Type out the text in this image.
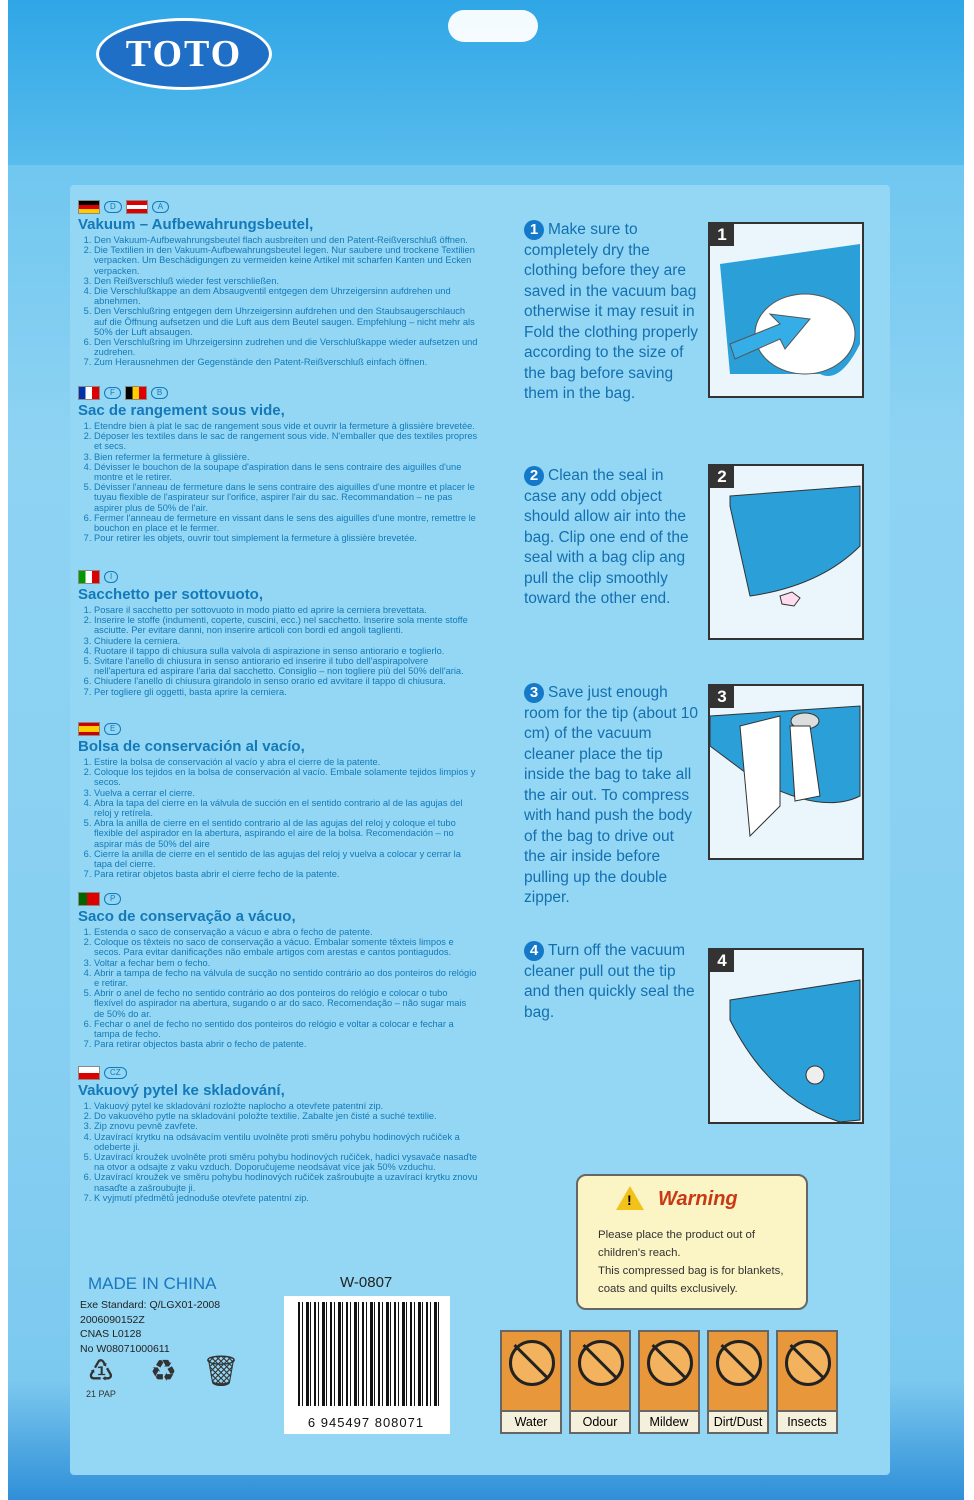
TOTO
D	A
Vakuum – Aufbewahrungsbeutel,
1. Den Vakuum-Aufbewahrungsbeutel flach ausbreiten und den Patent-Reißverschluß öffnen.
2. Die Textilien in den Vakuum-Aufbewahrungsbeutel legen. Nur saubere und trockene Textilien verpacken. Um Beschädigungen zu vermeiden keine Artikel mit scharfen Kanten und Ecken verpacken.
3. Den Reißverschluß wieder fest verschließen.
4. Die Verschlußkappe an dem Absaugventil entgegen dem Uhrzeigersinn aufdrehen und abnehmen.
5. Den Verschlußring entgegen dem Uhrzeigersinn aufdrehen und den Staubsaugerschlauch auf die Öffnung aufsetzen und die Luft aus dem Beutel saugen. Empfehlung – nicht mehr als 50% der Luft absaugen.
6. Den Verschlußring im Uhrzeigersinn zudrehen und die Verschlußkappe wieder aufsetzen und zudrehen.
7. Zum Herausnehmen der Gegenstände den Patent-Reißverschluß einfach öffnen.
F	B
Sac de rangement sous vide,
1. Etendre bien à plat le sac de rangement sous vide et ouvrir la fermeture à glissière brevetée.
2. Déposer les textiles dans le sac de rangement sous vide. N'emballer que des textiles propres et secs.
3. Bien refermer la fermeture à glissière.
4. Dévisser le bouchon de la soupape d'aspiration dans le sens contraire des aiguilles d'une montre et le retirer.
5. Dévisser l'anneau de fermeture dans le sens contraire des aiguilles d'une montre et placer le tuyau flexible de l'aspirateur sur l'orifice, aspirer l'air du sac. Recommandation – ne pas aspirer plus de 50% de l'air.
6. Fermer l'anneau de fermeture en vissant dans le sens des aiguilles d'une montre, remettre le bouchon en place et le fermer.
7. Pour retirer les objets, ouvrir tout simplement la fermeture à glissière brevetée.
I
Sacchetto per sottovuoto,
1. Posare il sacchetto per sottovuoto in modo piatto ed aprire la cerniera brevettata.
2. Inserire le stoffe (indumenti, coperte, cuscini, ecc.) nel sacchetto. Inserire sola mente stoffe asciutte. Per evitare danni, non inserire articoli con bordi ed angoli taglienti.
3. Chiudere la cerniera.
4. Ruotare il tappo di chiusura sulla valvola di aspirazione in senso antiorario e toglierlo.
5. Svitare l'anello di chiusura in senso antiorario ed inserire il tubo dell'aspirapolvere nell'apertura ed aspirare l'aria dal sacchetto. Consiglio – non togliere più del 50% dell'aria.
6. Chiudere l'anello di chiusura girandolo in senso orario ed avvitare il tappo di chiusura.
7. Per togliere gli oggetti, basta aprire la cerniera.
E
Bolsa de conservación al vacío,
1. Estire la bolsa de conservación al vacío y abra el cierre de la patente.
2. Coloque los tejidos en la bolsa de conservación al vacío. Embale solamente tejidos limpios y secos.
3. Vuelva a cerrar el cierre.
4. Abra la tapa del cierre en la válvula de succión en el sentido contrario al de las agujas del reloj y retírela.
5. Abra la anilla de cierre en el sentido contrario al de las agujas del reloj y coloque el tubo flexible del aspirador en la abertura, aspirando el aire de la bolsa. Recomendación – no aspirar más de 50% del aire
6. Cierre la anilla de cierre en el sentido de las agujas del reloj y vuelva a colocar y cerrar la tapa del cierre.
7. Para retirar objetos basta abrir el cierre fecho de la patente.
P
Saco de conservação a vácuo,
1. Estenda o saco de conservação a vácuo e abra o fecho de patente.
2. Coloque os têxteis no saco de conservação a vácuo. Embalar somente têxteis limpos e secos. Para evitar danificações não embale artigos com arestas e cantos pontiagudos.
3. Voltar a fechar bem o fecho.
4. Abrir a tampa de fecho na válvula de sucção no sentido contrário ao dos ponteiros do relógio e retirar.
5. Abrir o anel de fecho no sentido contrário ao dos ponteiros do relógio e colocar o tubo flexível do aspirador na abertura, sugando o ar do saco. Recomendação – não sugar mais de 50% do ar.
6. Fechar o anel de fecho no sentido dos ponteiros do relógio e voltar a colocar e fechar a tampa de fecho.
7. Para retirar objectos basta abrir o fecho de patente.
CZ
Vakuový pytel ke skladování,
1. Vakuový pytel ke skladování rozložte naplocho a otevřete patentní zip.
2. Do vakuového pytle na skladování položte textilie. Zabalte jen čisté a suché textilie.
3. Zip znovu pevně zavřete.
4. Uzavírací krytku na odsávacím ventilu uvolněte proti směru pohybu hodinových ručiček a odeberte ji.
5. Uzavírací kroužek uvolněte proti směru pohybu hodinových ručiček, hadici vysavače nasaďte na otvor a odsajte z vaku vzduch. Doporučujeme neodsávat více jak 50% vzduchu.
6. Uzavírací kroužek ve směru pohybu hodinových ručiček zašroubujte a uzavírací krytku znovu nasaďte a zašroubujte ji.
7. K vyjmutí předmětů jednoduše otevřete patentní zip.
1 Make sure to completely dry the clothing before they are saved in the vacuum bag otherwise it may resuit in Fold the clothing properly according to the size of the bag before saving them in the bag.
1
2 Clean the seal in case any odd object should allow air into the bag. Clip one end of the seal with a bag clip ang pull the clip smoothly toward the other end.
2
3 Save just enough room for the tip (about 10 cm) of the vacuum cleaner place the tip inside the bag to take all the air out. To compress with hand push the body of the bag to drive out the air inside before pulling up the double zipper.
3
4 Turn off the vacuum cleaner pull out the tip and then quickly seal the bag.
4
! Warning

Please place the product out of
children's reach.
This compressed bag is for blankets,
coats and quilts exclusively.

Water	Odour	Mildew	Dirt/Dust	Insects
MADE IN CHINA	W-0807
Exe Standard: Q/LGX01-2008
2006090152Z
CNAS L0128
No W08071000611
6 945497 808071
♳
21 PAP
♻ 🗑
